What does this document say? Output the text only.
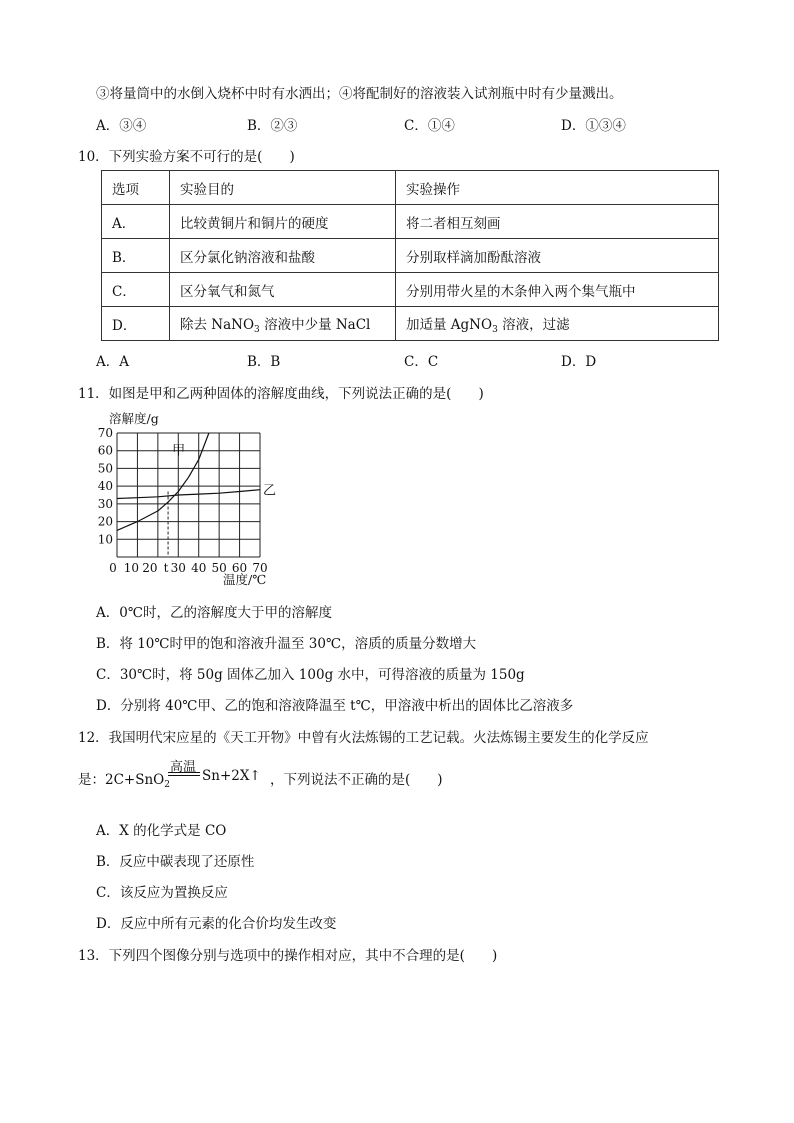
③将量筒中的水倒入烧杯中时有水洒出；④将配制好的溶液装入试剂瓶中时有少量溅出。
A．③④	B．②③	C．①④	D．①③④
10．下列实验方案不可行的是(　　)
选项	实验目的	实验操作
A．	比较黄铜片和铜片的硬度	将二者相互刻画
B．	区分氯化钠溶液和盐酸	分别取样滴加酚酞溶液
C．	区分氧气和氮气	分别用带火星的木条伸入两个集气瓶中
D．	除去 NaNO$_3$ 溶液中少量 NaCl	加适量 AgNO$_3$ 溶液，过滤
A．A	B．B	C．C	D．D
11．如图是甲和乙两种固体的溶解度曲线，下列说法正确的是(　　)
溶解度/g
10
20
30
40
50
60
70
0 10 20 t 30 40 50 60 70
甲
乙
温度/℃
A．0℃时，乙的溶解度大于甲的溶解度
B．将 10℃时甲的饱和溶液升温至 30℃，溶质的质量分数增大
C．30℃时，将 50g 固体乙加入 100g 水中，可得溶液的质量为 150g
D．分别将 40℃甲、乙的饱和溶液降温至 t℃，甲溶液中析出的固体比乙溶液多
12．我国明代宋应星的《天工开物》中曾有火法炼锡的工艺记载。火法炼锡主要发生的化学反应
是：2C+SnO$_2$
高温
Sn+2X↑ ，下列说法不正确的是(　　)
A．X 的化学式是 CO
B．反应中碳表现了还原性
C．该反应为置换反应
D．反应中所有元素的化合价均发生改变
13．下列四个图像分别与选项中的操作相对应，其中不合理的是(　　)
